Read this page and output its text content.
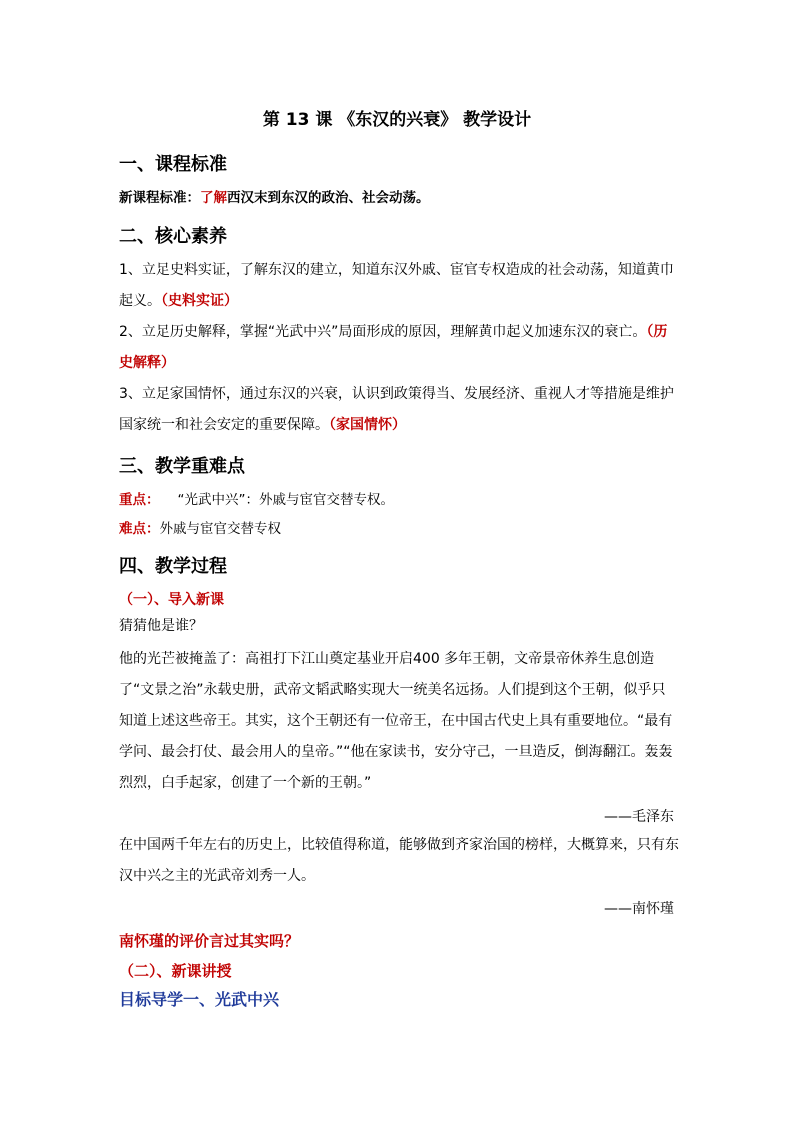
第 13 课 《东汉的兴衰》 教学设计
一、课程标准
新课程标准：了解西汉末到东汉的政治、社会动荡。
二、核心素养
1、立足史料实证，了解东汉的建立，知道东汉外戚、宦官专权造成的社会动荡，知道黄巾起义。（史料实证）
2、立足历史解释，掌握“光武中兴”局面形成的原因，理解黄巾起义加速东汉的衰亡。（历史解释）
3、立足家国情怀，通过东汉的兴衰，认识到政策得当、发展经济、重视人才等措施是维护国家统一和社会安定的重要保障。（家国情怀）
三、教学重难点
重点： “光武中兴”：外戚与宦官交替专权。
难点：外戚与宦官交替专权
四、教学过程
（一）、导入新课
猜猜他是谁？
他的光芒被掩盖了：高祖打下江山奠定基业开启400 多年王朝，文帝景帝休养生息创造了“文景之治”永载史册，武帝文韬武略实现大一统美名远扬。人们提到这个王朝，似乎只知道上述这些帝王。其实，这个王朝还有一位帝王，在中国古代史上具有重要地位。“最有学问、最会打仗、最会用人的皇帝。”“他在家读书，安分守己，一旦造反，倒海翻江。轰轰烈烈，白手起家，创建了一个新的王朝。”
——毛泽东
在中国两千年左右的历史上，比较值得称道，能够做到齐家治国的榜样，大概算来，只有东汉中兴之主的光武帝刘秀一人。
——南怀瑾
南怀瑾的评价言过其实吗？
（二）、新课讲授
目标导学一、光武中兴
